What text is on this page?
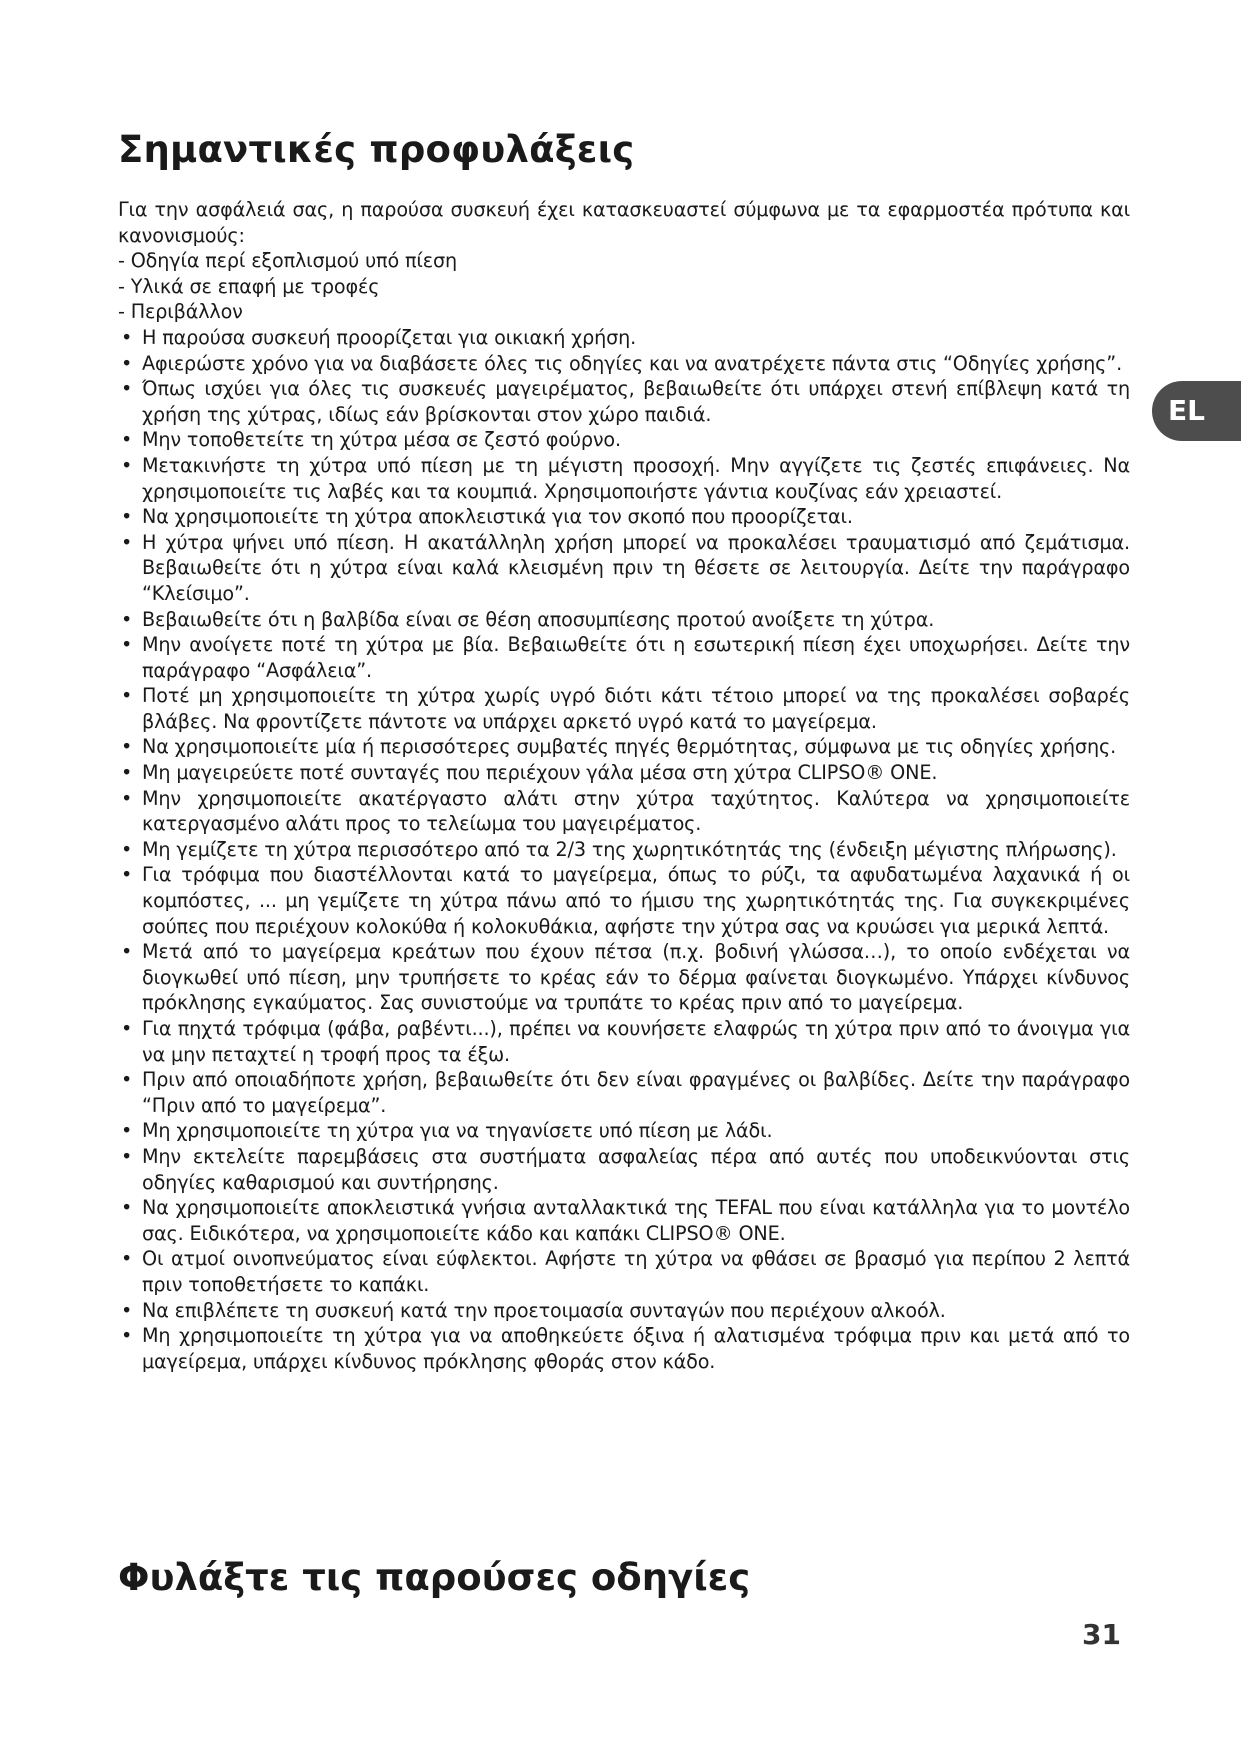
Σημαντικές προφυλάξεις

Για την ασφάλειά σας, η παρούσα συσκευή έχει κατασκευαστεί σύμφωνα με τα εφαρμοστέα πρότυπα και κανονισμούς:

- Οδηγία περί εξοπλισμού υπό πίεση
- Υλικά σε επαφή με τροφές
- Περιβάλλον
• Η παρούσα συσκευή προορίζεται για οικιακή χρήση.
• Αφιερώστε χρόνο για να διαβάσετε όλες τις οδηγίες και να ανατρέχετε πάντα στις “Οδηγίες χρήσης”.
• Όπως ισχύει για όλες τις συσκευές μαγειρέματος, βεβαιωθείτε ότι υπάρχει στενή επίβλεψη κατά τη χρήση της χύτρας, ιδίως εάν βρίσκονται στον χώρο παιδιά.
• Μην τοποθετείτε τη χύτρα μέσα σε ζεστό φούρνο.
• Μετακινήστε τη χύτρα υπό πίεση με τη μέγιστη προσοχή. Μην αγγίζετε τις ζεστές επιφάνειες. Να χρησιμοποιείτε τις λαβές και τα κουμπιά. Χρησιμοποιήστε γάντια κουζίνας εάν χρειαστεί.
• Να χρησιμοποιείτε τη χύτρα αποκλειστικά για τον σκοπό που προορίζεται.
• Η χύτρα ψήνει υπό πίεση. Η ακατάλληλη χρήση μπορεί να προκαλέσει τραυματισμό από ζεμάτισμα. Βεβαιωθείτε ότι η χύτρα είναι καλά κλεισμένη πριν τη θέσετε σε λειτουργία. Δείτε την παράγραφο “Κλείσιμο”.
• Βεβαιωθείτε ότι η βαλβίδα είναι σε θέση αποσυμπίεσης προτού ανοίξετε τη χύτρα.
• Μην ανοίγετε ποτέ τη χύτρα με βία. Βεβαιωθείτε ότι η εσωτερική πίεση έχει υποχωρήσει. Δείτε την παράγραφο “Ασφάλεια”.
• Ποτέ μη χρησιμοποιείτε τη χύτρα χωρίς υγρό διότι κάτι τέτοιο μπορεί να της προκαλέσει σοβαρές βλάβες. Να φροντίζετε πάντοτε να υπάρχει αρκετό υγρό κατά το μαγείρεμα.
• Να χρησιμοποιείτε μία ή περισσότερες συμβατές πηγές θερμότητας, σύμφωνα με τις οδηγίες χρήσης.
• Μη μαγειρεύετε ποτέ συνταγές που περιέχουν γάλα μέσα στη χύτρα CLIPSO® ONE.
• Μην χρησιμοποιείτε ακατέργαστο αλάτι στην χύτρα ταχύτητος. Καλύτερα να χρησιμοποιείτε κατεργασμένο αλάτι προς το τελείωμα του μαγειρέματος.
• Μη γεμίζετε τη χύτρα περισσότερο από τα 2/3 της χωρητικότητάς της (ένδειξη μέγιστης πλήρωσης).
• Για τρόφιμα που διαστέλλονται κατά το μαγείρεμα, όπως το ρύζι, τα αφυδατωμένα λαχανικά ή οι κομπόστες, ... μη γεμίζετε τη χύτρα πάνω από το ήμισυ της χωρητικότητάς της. Για συγκεκριμένες σούπες που περιέχουν κολοκύθα ή κολοκυθάκια, αφήστε την χύτρα σας να κρυώσει για μερικά λεπτά.
• Μετά από το μαγείρεμα κρεάτων που έχουν πέτσα (π.χ. βοδινή γλώσσα…), το οποίο ενδέχεται να διογκωθεί υπό πίεση, μην τρυπήσετε το κρέας εάν το δέρμα φαίνεται διογκωμένο. Υπάρχει κίνδυνος πρόκλησης εγκαύματος. Σας συνιστούμε να τρυπάτε το κρέας πριν από το μαγείρεμα.
• Για πηχτά τρόφιμα (φάβα, ραβέντι...), πρέπει να κουνήσετε ελαφρώς τη χύτρα πριν από το άνοιγμα για να μην πεταχτεί η τροφή προς τα έξω.
• Πριν από οποιαδήποτε χρήση, βεβαιωθείτε ότι δεν είναι φραγμένες οι βαλβίδες. Δείτε την παράγραφο “Πριν από το μαγείρεμα”.
• Μη χρησιμοποιείτε τη χύτρα για να τηγανίσετε υπό πίεση με λάδι.
• Μην εκτελείτε παρεμβάσεις στα συστήματα ασφαλείας πέρα από αυτές που υποδεικνύονται στις οδηγίες καθαρισμού και συντήρησης.
• Να χρησιμοποιείτε αποκλειστικά γνήσια ανταλλακτικά της TEFAL που είναι κατάλληλα για το μοντέλο σας. Ειδικότερα, να χρησιμοποιείτε κάδο και καπάκι CLIPSO® ONE.
• Οι ατμοί οινοπνεύματος είναι εύφλεκτοι. Αφήστε τη χύτρα να φθάσει σε βρασμό για περίπου 2 λεπτά πριν τοποθετήσετε το καπάκι.
• Να επιβλέπετε τη συσκευή κατά την προετοιμασία συνταγών που περιέχουν αλκοόλ.
• Μη χρησιμοποιείτε τη χύτρα για να αποθηκεύετε όξινα ή αλατισμένα τρόφιμα πριν και μετά από το μαγείρεμα, υπάρχει κίνδυνος πρόκλησης φθοράς στον κάδο.
Φυλάξτε τις παρούσες οδηγίες
31
EL
